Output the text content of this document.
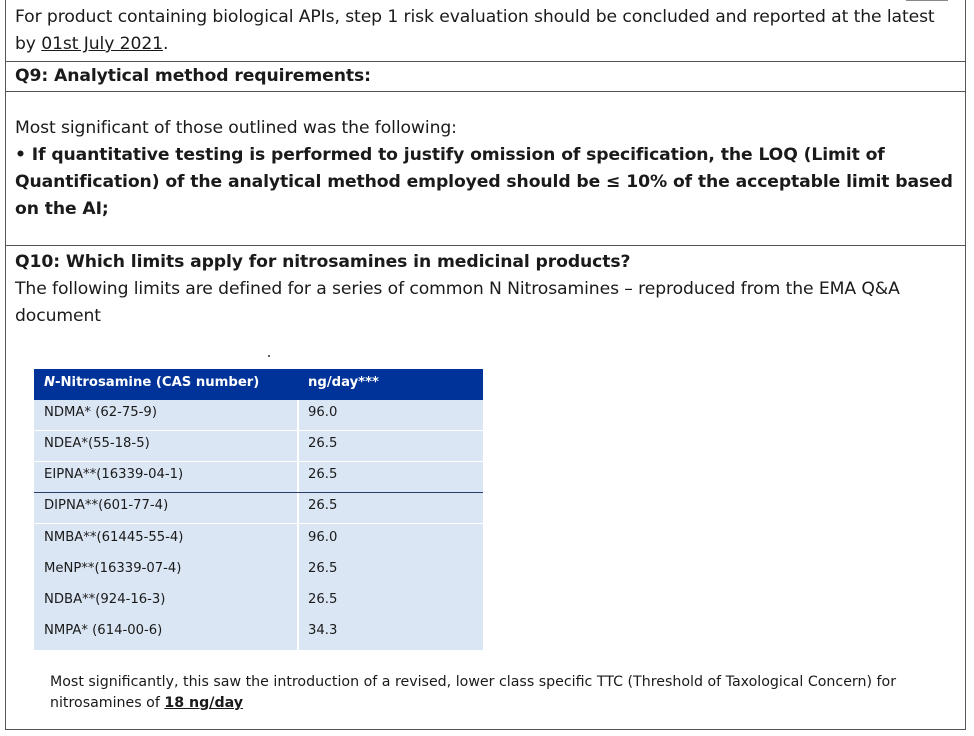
For product containing biological APIs, step 1 risk evaluation should be concluded and reported at the latest by 01st July 2021.

Q9: Analytical method requirements:

Most significant of those outlined was the following:

• If quantitative testing is performed to justify omission of specification, the LOQ (Limit of Quantification) of the analytical method employed should be ≤ 10% of the acceptable limit based on the AI;

Q10: Which limits apply for nitrosamines in medicinal products?

The following limits are defined for a series of common N Nitrosamines – reproduced from the EMA Q&A document

N-Nitrosamine (CAS number)	ng/day***
NDMA* (62-75-9)	96.0
NDEA*(55-18-5)	26.5
EIPNA**(16339-04-1)	26.5
DIPNA**(601-77-4)	26.5
NMBA**(61445-55-4)	96.0
MeNP**(16339-07-4)	26.5
NDBA**(924-16-3)	26.5
NMPA* (614-00-6)	34.3
Most significantly, this saw the introduction of a revised, lower class specific TTC (Threshold of Taxological Concern) for nitrosamines of 18 ng/day
